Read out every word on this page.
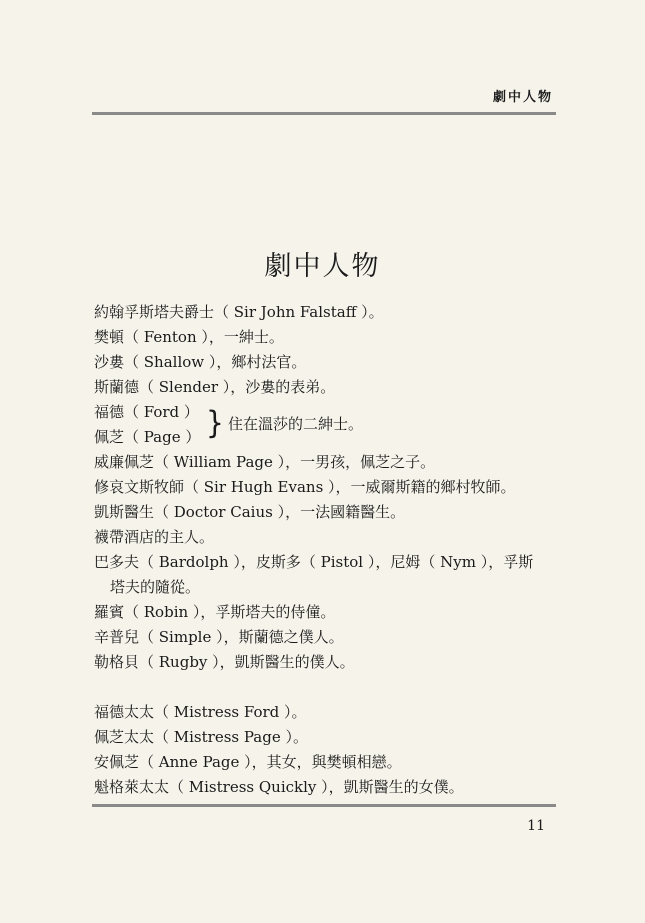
劇中人物
劇中人物
約翰孚斯塔夫爵士（ Sir John Falstaff ）。
樊頓（ Fenton ），一紳士。
沙婁（ Shallow ），鄉村法官。
斯蘭德（ Slender ），沙婁的表弟。
福德（ Ford ）
佩芝（ Page ） } 住在溫莎的二紳士。
威廉佩芝（ William Page ），一男孩，佩芝之子。
修哀文斯牧師（ Sir Hugh Evans ），一威爾斯籍的鄉村牧師。
凱斯醫生（ Doctor Caius ），一法國籍醫生。
襪帶酒店的主人。
巴多夫（ Bardolph ），皮斯多（ Pistol ），尼姆（ Nym ），孚斯
塔夫的隨從。
羅賓（ Robin ），孚斯塔夫的侍僮。
辛普兒（ Simple ），斯蘭德之僕人。
勒格貝（ Rugby ），凱斯醫生的僕人。
福德太太（ Mistress Ford ）。
佩芝太太（ Mistress Page ）。
安佩芝（ Anne Page ），其女，與樊頓相戀。
魁格萊太太（ Mistress Quickly ），凱斯醫生的女僕。
11
